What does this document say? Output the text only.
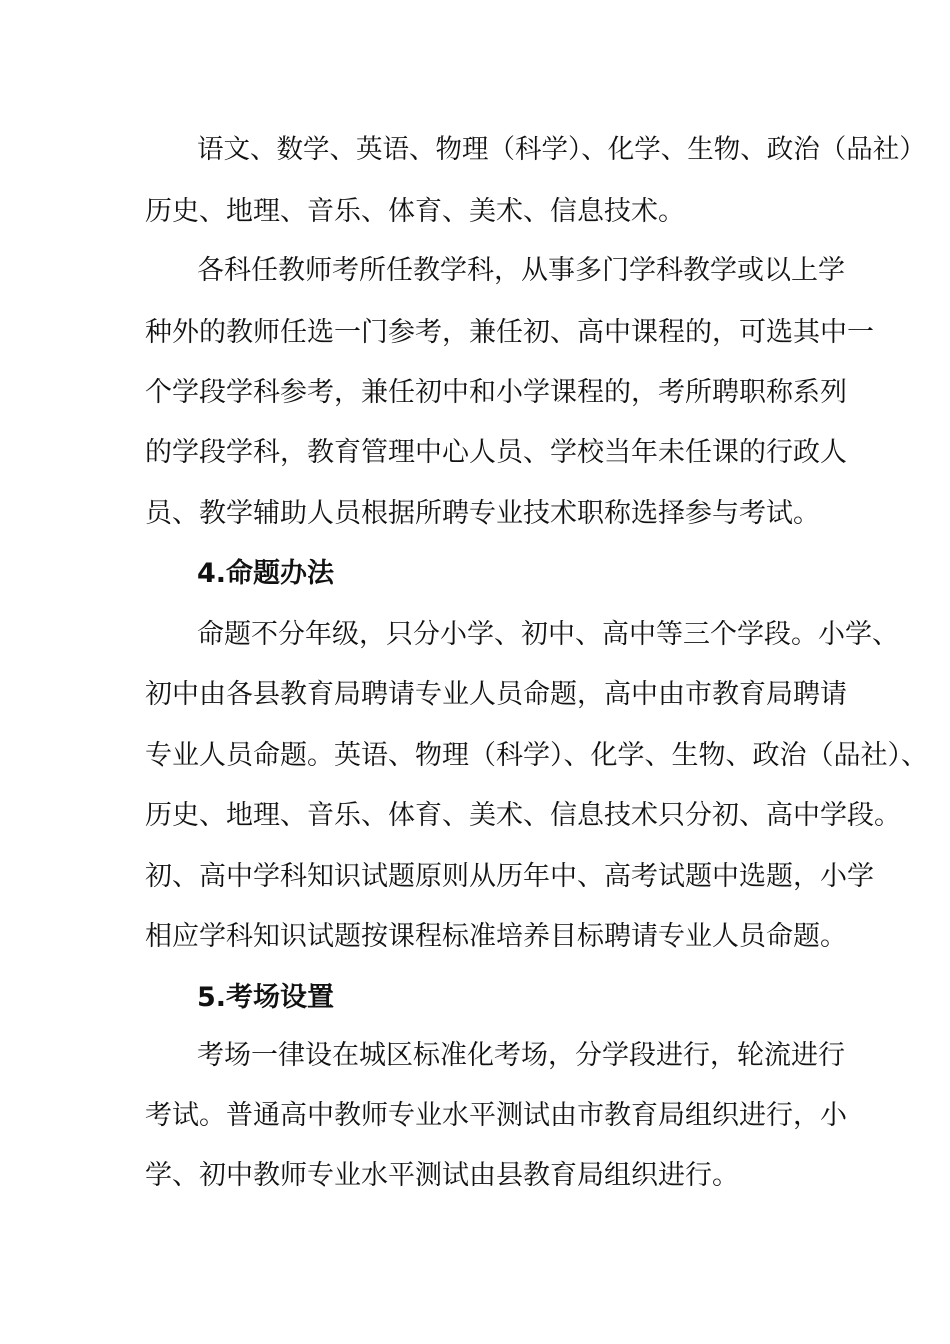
语文、数学、英语、物理（科学）、化学、生物、政治（品社）
历史、地理、音乐、体育、美术、信息技术。
各科任教师考所任教学科，从事多门学科教学或以上学
种外的教师任选一门参考，兼任初、高中课程的，可选其中一
个学段学科参考，兼任初中和小学课程的，考所聘职称系列
的学段学科，教育管理中心人员、学校当年未任课的行政人
员、教学辅助人员根据所聘专业技术职称选择参与考试。
4.命题办法
命题不分年级，只分小学、初中、高中等三个学段。小学、
初中由各县教育局聘请专业人员命题，高中由市教育局聘请
专业人员命题。英语、物理（科学）、化学、生物、政治（品社）、
历史、地理、音乐、体育、美术、信息技术只分初、高中学段。
初、高中学科知识试题原则从历年中、高考试题中选题，小学
相应学科知识试题按课程标准培养目标聘请专业人员命题。
5.考场设置
考场一律设在城区标准化考场，分学段进行，轮流进行
考试。普通高中教师专业水平测试由市教育局组织进行，小
学、初中教师专业水平测试由县教育局组织进行。
